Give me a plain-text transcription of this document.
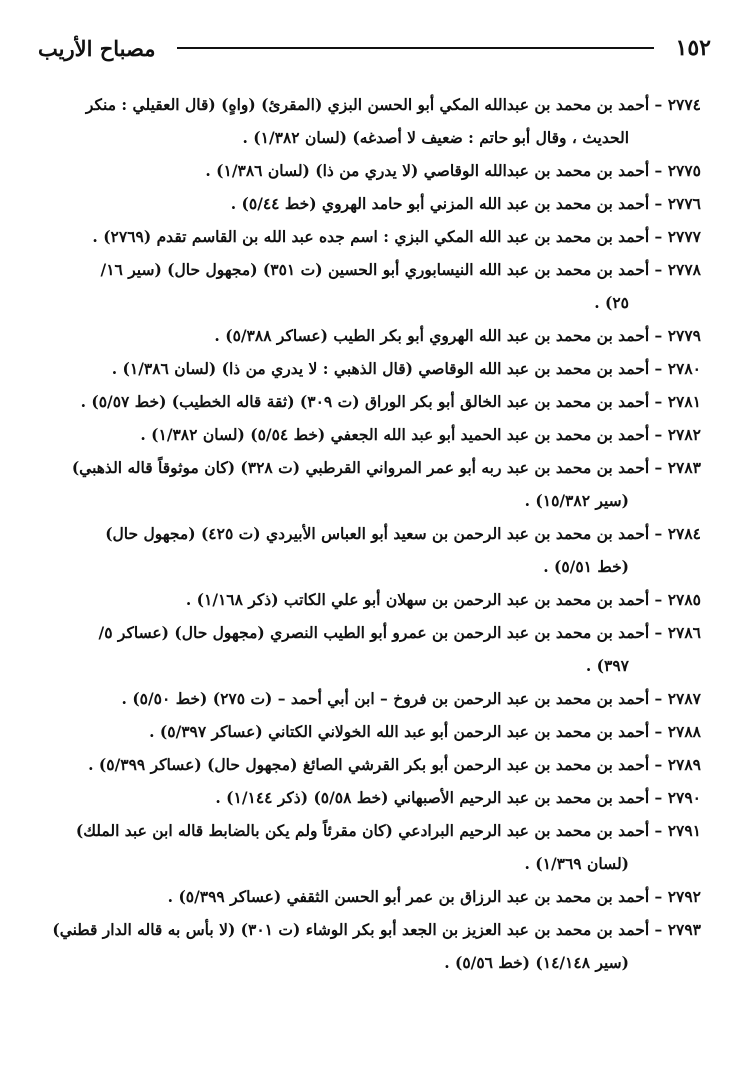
١٥٢
مصباح الأريب

٢٧٧٤ – أحمد بن محمد بن عبدالله المكي أبو الحسن البزي (المقرئ) (واهٍ) (قال العقيلي : منكر
الحديث ، وقال أبو حاتم : ضعيف لا أصدغه) (لسان ١/٣٨٢) .

٢٧٧٥ – أحمد بن محمد بن عبدالله الوقاصي (لا يدري من ذا) (لسان ١/٣٨٦) .

٢٧٧٦ – أحمد بن محمد بن عبد الله المزني أبو حامد الهروي (خط ٥/٤٤) .

٢٧٧٧ – أحمد بن محمد بن عبد الله المكي البزي : اسم جده عبد الله بن القاسم تقدم (٢٧٦٩) .

٢٧٧٨ – أحمد بن محمد بن عبد الله النيسابوري أبو الحسين (ت ٣٥١) (مجهول حال) (سير ١٦/
٢٥) .

٢٧٧٩ – أحمد بن محمد بن عبد الله الهروي أبو بكر الطيب (عساكر ٥/٣٨٨) .

٢٧٨٠ – أحمد بن محمد بن عبد الله الوقاصي (قال الذهبي : لا يدري من ذا) (لسان ١/٣٨٦) .

٢٧٨١ – أحمد بن محمد بن عبد الخالق أبو بكر الوراق (ت ٣٠٩) (ثقة قاله الخطيب) (خط ٥/٥٧) .

٢٧٨٢ – أحمد بن محمد بن عبد الحميد أبو عبد الله الجعفي (خط ٥/٥٤) (لسان ١/٣٨٢) .

٢٧٨٣ – أحمد بن محمد بن عبد ربه أبو عمر المرواني القرطبي (ت ٣٢٨) (كان موثوقاً قاله الذهبي)
(سير ١٥/٣٨٢) .

٢٧٨٤ – أحمد بن محمد بن عبد الرحمن بن سعيد أبو العباس الأبيردي (ت ٤٢٥) (مجهول حال)
(خط ٥/٥١) .

٢٧٨٥ – أحمد بن محمد بن عبد الرحمن بن سهلان أبو علي الكاتب (ذكر ١/١٦٨) .

٢٧٨٦ – أحمد بن محمد بن عبد الرحمن بن عمرو أبو الطيب النصري (مجهول حال) (عساكر ٥/
٣٩٧) .

٢٧٨٧ – أحمد بن محمد بن عبد الرحمن بن فروخ – ابن أبي أحمد – (ت ٢٧٥) (خط ٥/٥٠) .

٢٧٨٨ – أحمد بن محمد بن عبد الرحمن أبو عبد الله الخولاني الكتاني (عساكر ٥/٣٩٧) .

٢٧٨٩ – أحمد بن محمد بن عبد الرحمن أبو بكر القرشي الصائغ (مجهول حال) (عساكر ٥/٣٩٩) .

٢٧٩٠ – أحمد بن محمد بن عبد الرحيم الأصبهاني (خط ٥/٥٨) (ذكر ١/١٤٤) .

٢٧٩١ – أحمد بن محمد بن عبد الرحيم البرادعي (كان مقرئاً ولم يكن بالضابط قاله ابن عبد الملك)
(لسان ١/٣٦٩) .

٢٧٩٢ – أحمد بن محمد بن عبد الرزاق بن عمر أبو الحسن الثقفي (عساكر ٥/٣٩٩) .

٢٧٩٣ – أحمد بن محمد بن عبد العزيز بن الجعد أبو بكر الوشاء (ت ٣٠١) (لا بأس به قاله الدار قطني)
(سير ١٤/١٤٨) (خط ٥/٥٦) .
